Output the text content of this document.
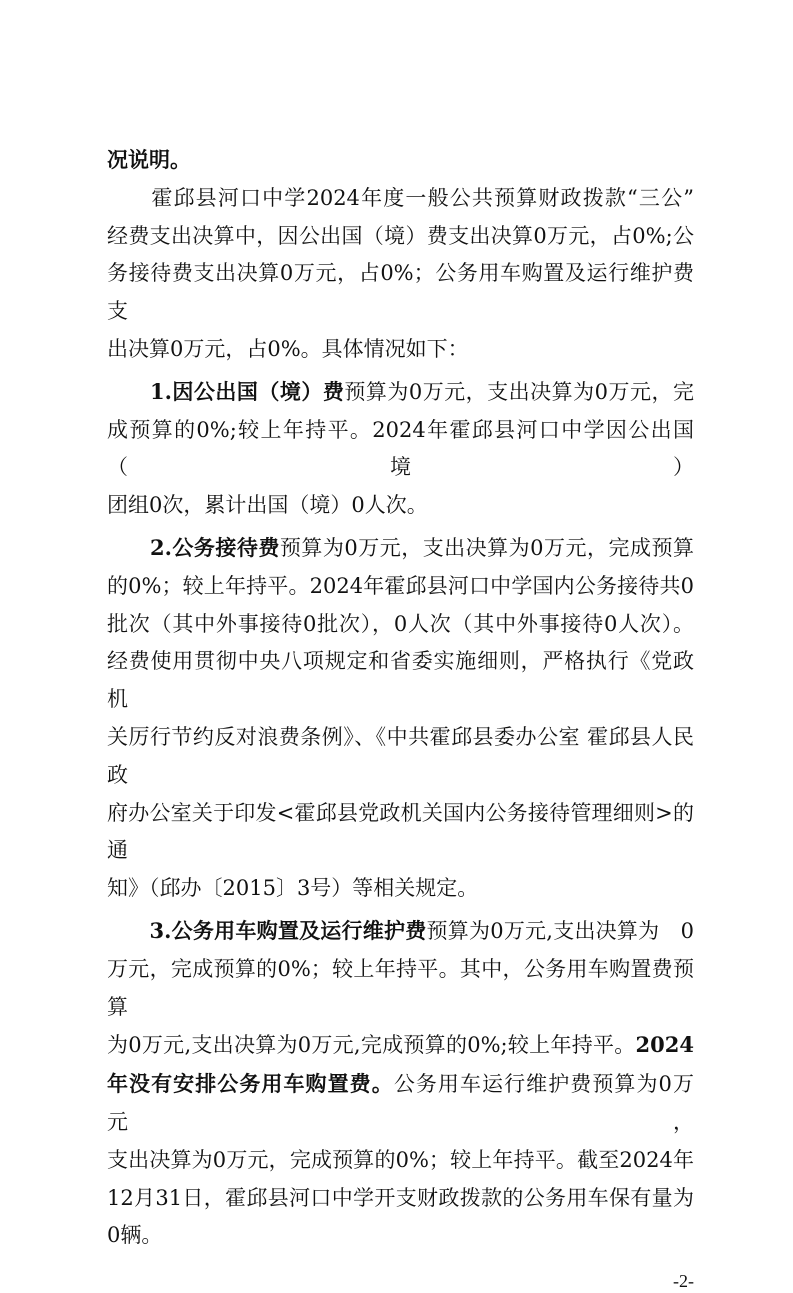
况说明。
　　霍邱县河口中学2024年度一般公共预算财政拨款“三公”
经费支出决算中，因公出国（境）费支出决算0万元，占0%;公
务接待费支出决算0万元，占0%；公务用车购置及运行维护费支
出决算0万元，占0%。具体情况如下：
　　1.因公出国（境）费预算为0万元，支出决算为0万元，完
成预算的0%;较上年持平。2024年霍邱县河口中学因公出国（境）
团组0次，累计出国（境）0人次。
　　2.公务接待费预算为0万元，支出决算为0万元，完成预算
的0%；较上年持平。2024年霍邱县河口中学国内公务接待共0
批次（其中外事接待0批次），0人次（其中外事接待0人次）。
经费使用贯彻中央八项规定和省委实施细则，严格执行《党政机
关厉行节约反对浪费条例》、《中共霍邱县委办公室 霍邱县人民政
府办公室关于印发<霍邱县党政机关国内公务接待管理细则>的通
知》（邱办〔2015〕3号）等相关规定。
　　3.公务用车购置及运行维护费预算为0万元,支出决算为　0
万元，完成预算的0%；较上年持平。其中，公务用车购置费预算
为0万元,支出决算为0万元,完成预算的0%;较上年持平。2024
年没有安排公务用车购置费。公务用车运行维护费预算为0万元，
支出决算为0万元，完成预算的0%；较上年持平。截至2024年
12月31日，霍邱县河口中学开支财政拨款的公务用车保有量为
0辆。
-2-
